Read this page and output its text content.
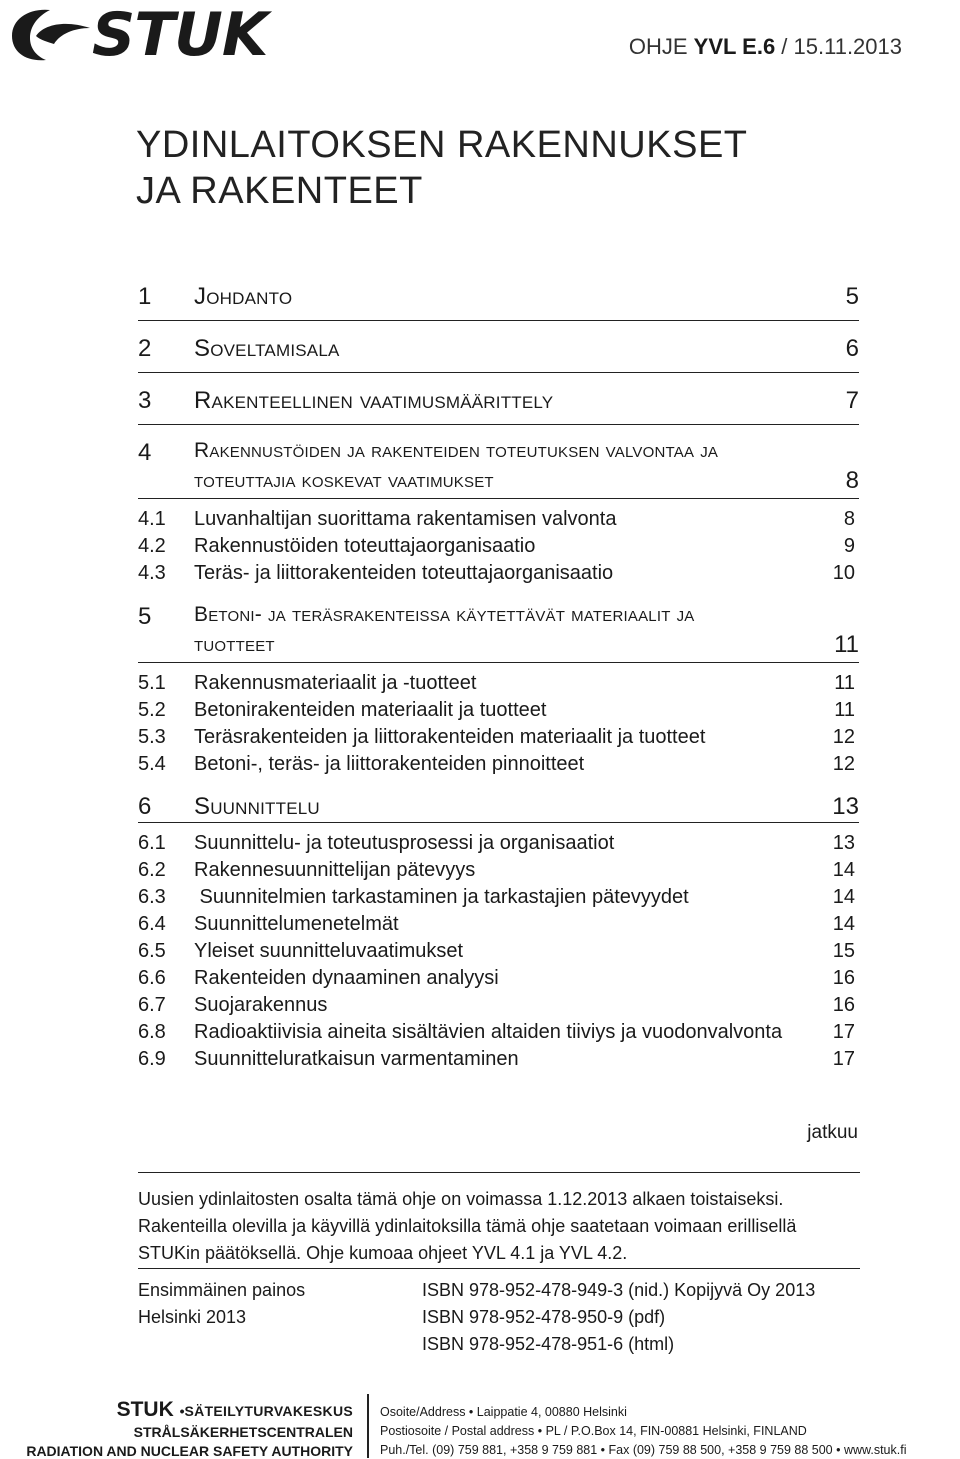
STUK	OHJE YVL E.6 / 15.11.2013
YDINLAITOKSEN RAKENNUKSET
JA RAKENTEET
1 Johdanto	5
2 Soveltamisala	6
3 Rakenteellinen vaatimusmäärittely	7
4 Rakennustöiden ja rakenteiden toteutuksen valvontaa ja
toteuttajia koskevat vaatimukset	8
4.1 Luvanhaltijan suorittama rakentamisen valvonta	8
4.2 Rakennustöiden toteuttajaorganisaatio	9
4.3 Teräs- ja liittorakenteiden toteuttajaorganisaatio	10
5 Betoni- ja teräsrakenteissa käytettävät materiaalit ja
tuotteet	11
5.1 Rakennusmateriaalit ja -tuotteet	11
5.2 Betonirakenteiden materiaalit ja tuotteet	11
5.3 Teräsrakenteiden ja liittorakenteiden materiaalit ja tuotteet	12
5.4 Betoni-, teräs- ja liittorakenteiden pinnoitteet	12
6 Suunnittelu	13
6.1 Suunnittelu- ja toteutusprosessi ja organisaatiot	13
6.2 Rakennesuunnittelijan pätevyys	14
6.3 Suunnitelmien tarkastaminen ja tarkastajien pätevyydet	14
6.4 Suunnittelumenetelmät	14
6.5 Yleiset suunnitteluvaatimukset	15
6.6 Rakenteiden dynaaminen analyysi	16
6.7 Suojarakennus	16
6.8 Radioaktiivisia aineita sisältävien altaiden tiiviys ja vuodonvalvonta	17
6.9 Suunnitteluratkaisun varmentaminen	17
jatkuu
Uusien ydinlaitosten osalta tämä ohje on voimassa 1.12.2013 alkaen toistaiseksi.
Rakenteilla olevilla ja käyvillä ydinlaitoksilla tämä ohje saatetaan voimaan erillisellä
STUKin päätöksellä. Ohje kumoaa ohjeet YVL 4.1 ja YVL 4.2.
Ensimmäinen painos
Helsinki 2013
ISBN 978-952-478-949-3 (nid.) Kopijyvä Oy 2013
ISBN 978-952-478-950-9 (pdf)
ISBN 978-952-478-951-6 (html)
STUK •SÄTEILYTURVAKESKUS
STRÅLSÄKERHETSCENTRALEN
RADIATION AND NUCLEAR SAFETY AUTHORITY
Osoite/Address • Laippatie 4, 00880 Helsinki
Postiosoite / Postal address • PL / P.O.Box 14, FIN-00881 Helsinki, FINLAND
Puh./Tel. (09) 759 881, +358 9 759 881 • Fax (09) 759 88 500, +358 9 759 88 500 • www.stuk.fi
